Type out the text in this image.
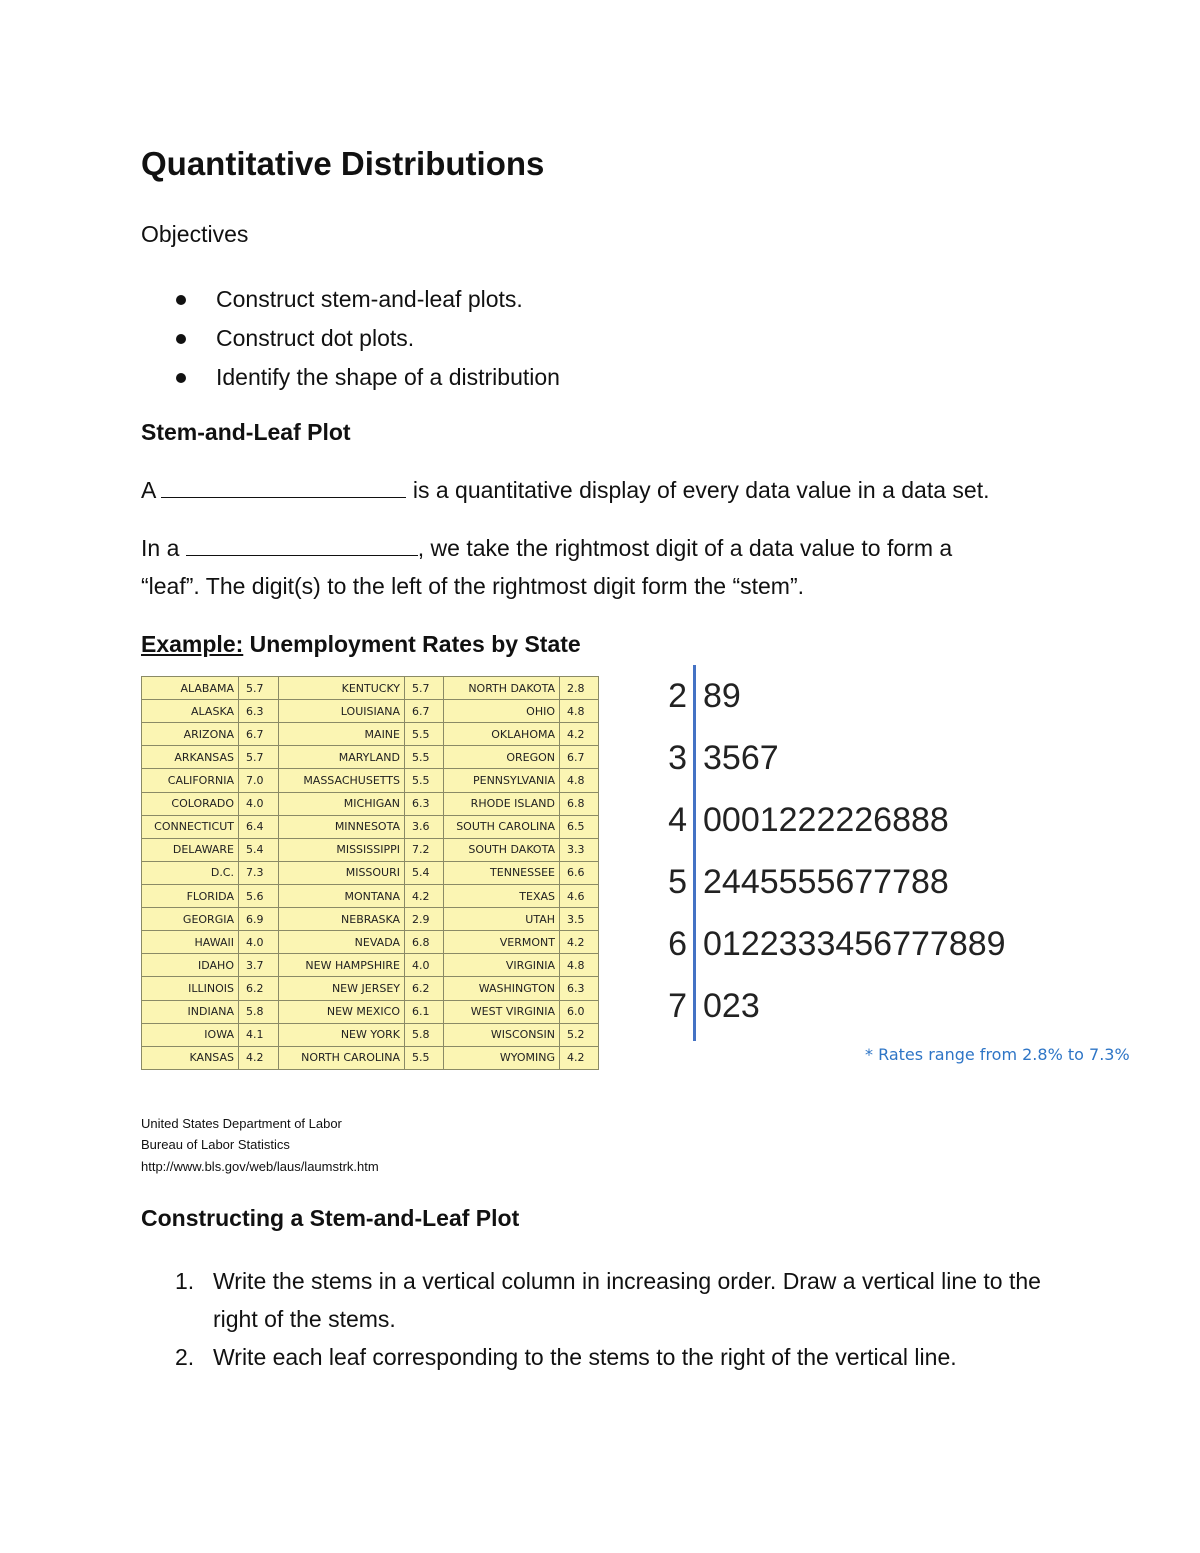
Quantitative Distributions
Objectives
Construct stem-and-leaf plots.
Construct dot plots.
Identify the shape of a distribution
Stem-and-Leaf Plot
A	is a quantitative display of every data value in a data set.
In a	, we take the rightmost digit of a data value to form a
“leaf”. The digit(s) to the left of the rightmost digit form the “stem”.
Example: Unemployment Rates by State
ALABAMA	5.7	KENTUCKY	5.7	NORTH DAKOTA	2.8
ALASKA	6.3	LOUISIANA	6.7	OHIO	4.8
ARIZONA	6.7	MAINE	5.5	OKLAHOMA	4.2
ARKANSAS	5.7	MARYLAND	5.5	OREGON	6.7
CALIFORNIA	7.0	MASSACHUSETTS	5.5	PENNSYLVANIA	4.8
COLORADO	4.0	MICHIGAN	6.3	RHODE ISLAND	6.8
CONNECTICUT	6.4	MINNESOTA	3.6	SOUTH CAROLINA	6.5
DELAWARE	5.4	MISSISSIPPI	7.2	SOUTH DAKOTA	3.3
D.C.	7.3	MISSOURI	5.4	TENNESSEE	6.6
FLORIDA	5.6	MONTANA	4.2	TEXAS	4.6
GEORGIA	6.9	NEBRASKA	2.9	UTAH	3.5
HAWAII	4.0	NEVADA	6.8	VERMONT	4.2
IDAHO	3.7	NEW HAMPSHIRE	4.0	VIRGINIA	4.8
ILLINOIS	6.2	NEW JERSEY	6.2	WASHINGTON	6.3
INDIANA	5.8	NEW MEXICO	6.1	WEST VIRGINIA	6.0
IOWA	4.1	NEW YORK	5.8	WISCONSIN	5.2
KANSAS	4.2	NORTH CAROLINA	5.5	WYOMING	4.2
2 89
3 3567
4 0001222226888
5 2445555677788
6 0122333456777889
7 023
* Rates range from 2.8% to 7.3%
United States Department of Labor
Bureau of Labor Statistics
http://www.bls.gov/web/laus/laumstrk.htm
Constructing a Stem-and-Leaf Plot
1. Write the stems in a vertical column in increasing order. Draw a vertical line to the right of the stems.
2. Write each leaf corresponding to the stems to the right of the vertical line.
